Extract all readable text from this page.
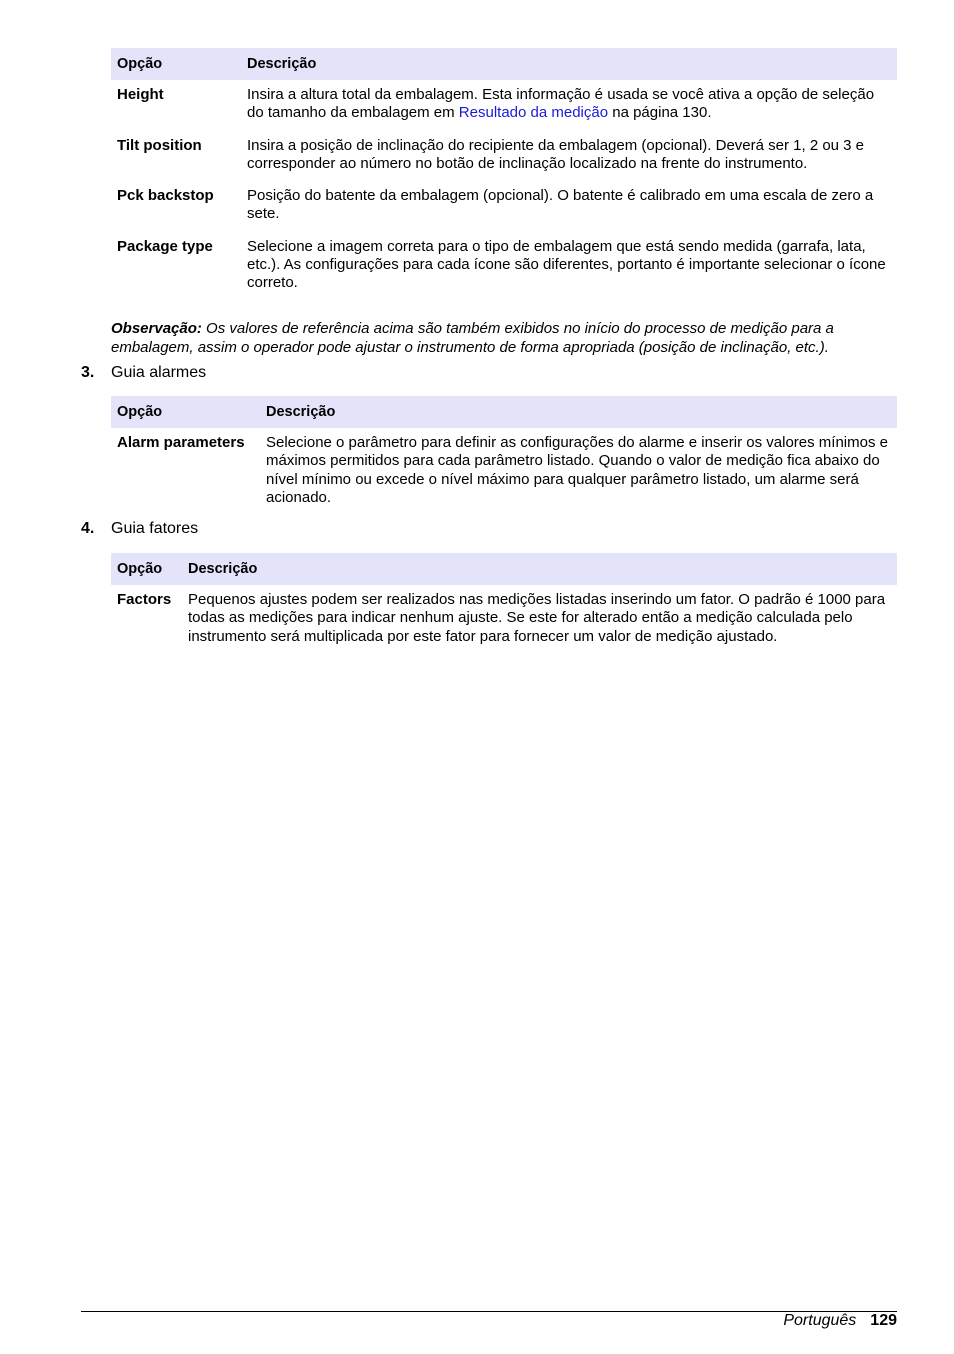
Opção	Descrição
Height	Insira a altura total da embalagem. Esta informação é usada se você ativa a opção de seleção do tamanho da embalagem em Resultado da medição na página 130.
Tilt position	Insira a posição de inclinação do recipiente da embalagem (opcional). Deverá ser 1, 2 ou 3 e corresponder ao número no botão de inclinação localizado na frente do instrumento.
Pck backstop	Posição do batente da embalagem (opcional). O batente é calibrado em uma escala de zero a sete.
Package type	Selecione a imagem correta para o tipo de embalagem que está sendo medida (garrafa, lata, etc.). As configurações para cada ícone são diferentes, portanto é importante selecionar o ícone correto.
Observação: Os valores de referência acima são também exibidos no início do processo de medição para a embalagem, assim o operador pode ajustar o instrumento de forma apropriada (posição de inclinação, etc.).
3. Guia alarmes
Opção	Descrição
Alarm parameters	Selecione o parâmetro para definir as configurações do alarme e inserir os valores mínimos e máximos permitidos para cada parâmetro listado. Quando o valor de medição fica abaixo do nível mínimo ou excede o nível máximo para qualquer parâmetro listado, um alarme será acionado.
4. Guia fatores
Opção	Descrição
Factors	Pequenos ajustes podem ser realizados nas medições listadas inserindo um fator. O padrão é 1000 para todas as medições para indicar nenhum ajuste. Se este for alterado então a medição calculada pelo instrumento será multiplicada por este fator para fornecer um valor de medição ajustado.
Português 129
